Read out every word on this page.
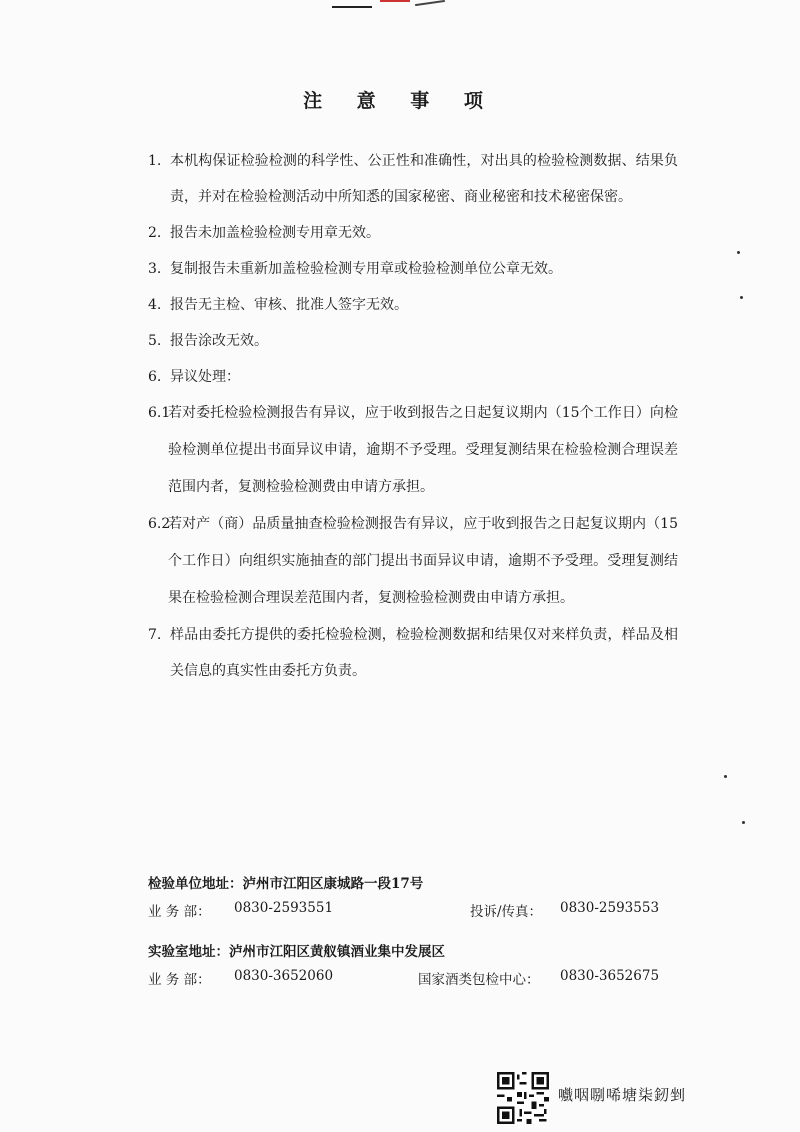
注 意 事 项
1. 本机构保证检验检测的科学性、公正性和准确性，对出具的检验检测数据、结果负责，并对在检验检测活动中所知悉的国家秘密、商业秘密和技术秘密保密。
2. 报告未加盖检验检测专用章无效。
3. 复制报告未重新加盖检验检测专用章或检验检测单位公章无效。
4. 报告无主检、审核、批准人签字无效。
5. 报告涂改无效。
6. 异议处理：
6.1
若对委托检验检测报告有异议，应于收到报告之日起复议期内（15个工作日）向检验检测单位提出书面异议申请，逾期不予受理。受理复测结果在检验检测合理误差范围内者，复测检验检测费由申请方承担。
6.2
若对产（商）品质量抽查检验检测报告有异议，应于收到报告之日起复议期内（15个工作日）向组织实施抽查的部门提出书面异议申请，逾期不予受理。受理复测结果在检验检测合理误差范围内者，复测检验检测费由申请方承担。
7. 样品由委托方提供的委托检验检测，检验检测数据和结果仅对来样负责，样品及相关信息的真实性由委托方负责。
检验单位地址：泸州市江阳区康城路一段17号
业 务 部： 0830-2593551	投诉/传真： 0830-2593553
实验室地址：泸州市江阳区黄舣镇酒业集中发展区
业 务 部： 0830-3652060	国家酒类包检中心： 0830-3652675
嚱咽哵唏塘柒釰剉
